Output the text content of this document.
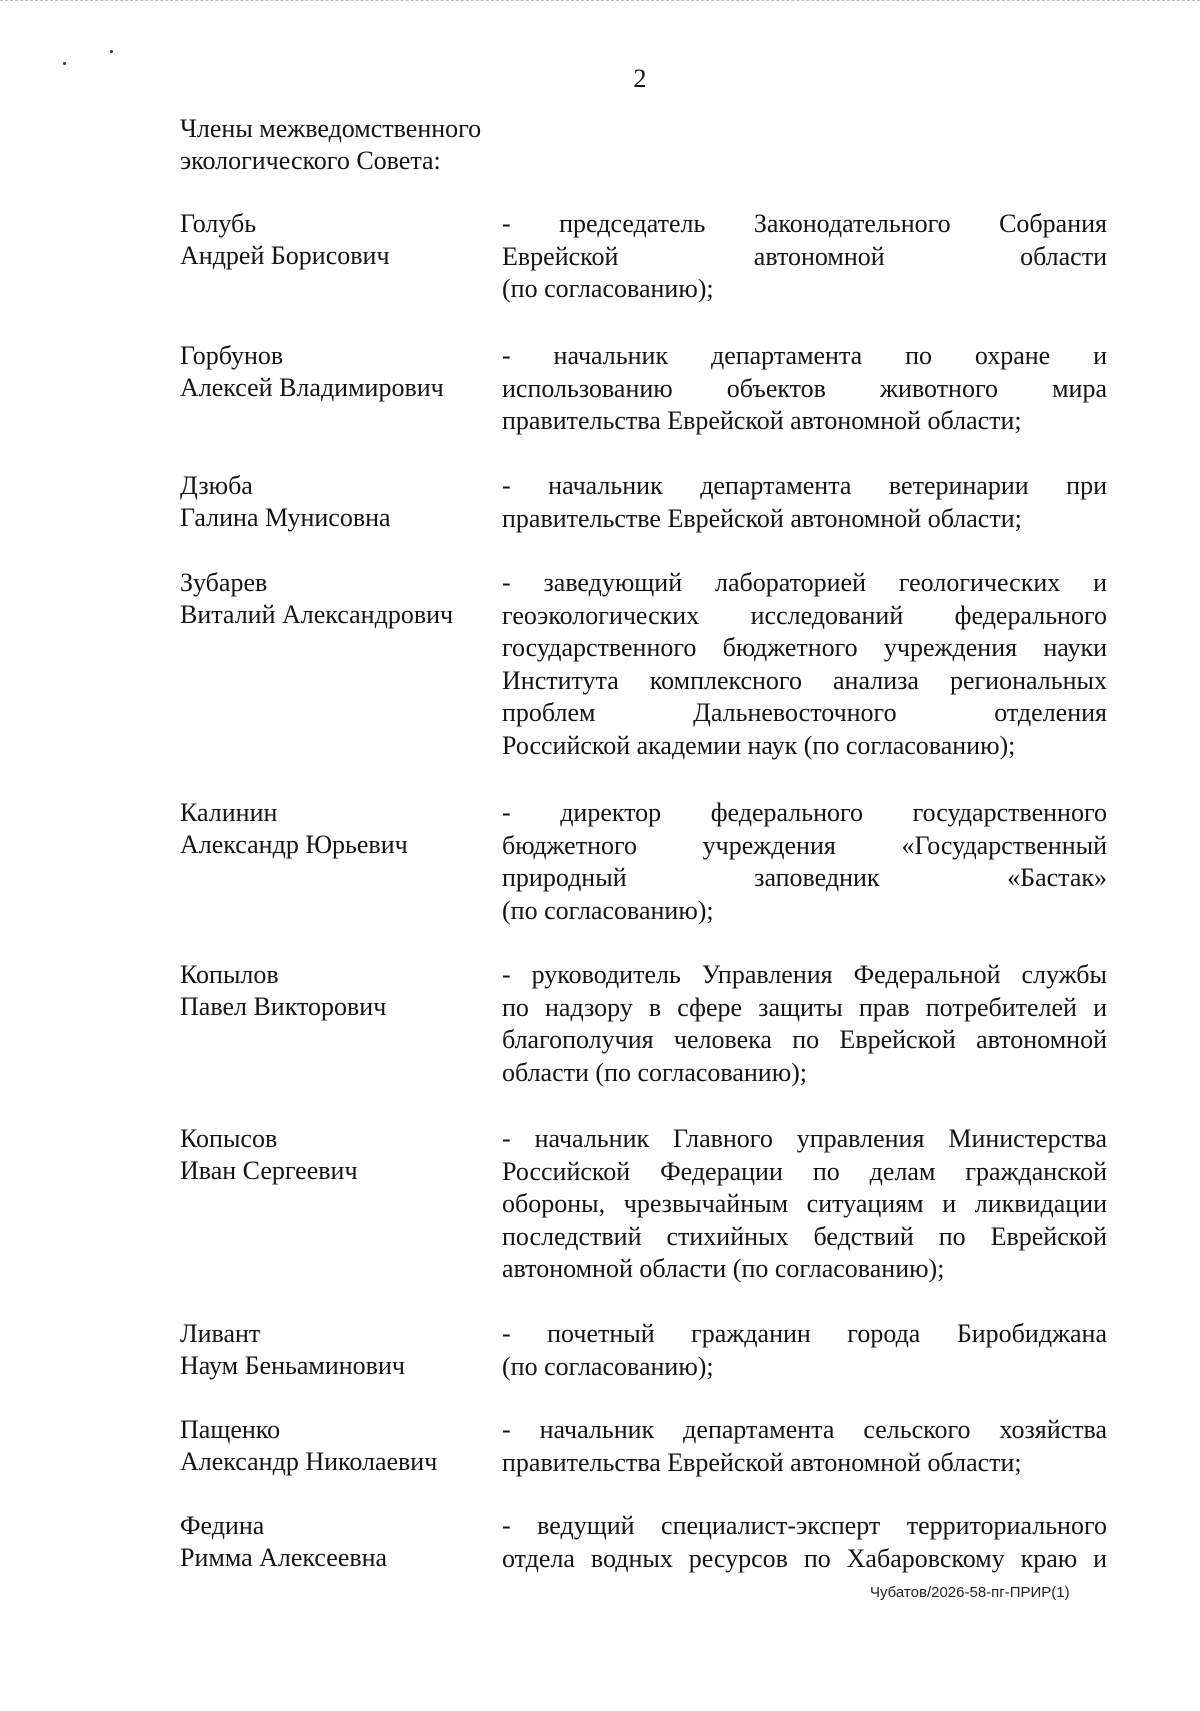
2
Члены межведомственного
экологического Совета:
Голубь
Андрей Борисович
- председатель Законодательного Собрания
Еврейской автономной области
(по согласованию);
Горбунов
Алексей Владимирович
- начальник департамента по охране и
использованию объектов животного мира
правительства Еврейской автономной области;
Дзюба
Галина Мунисовна
- начальник департамента ветеринарии при
правительстве Еврейской автономной области;
Зубарев
Виталий Александрович
- заведующий лабораторией геологических и
геоэкологических исследований федерального
государственного бюджетного учреждения науки
Института комплексного анализа региональных
проблем Дальневосточного отделения
Российской академии наук (по согласованию);
Калинин
Александр Юрьевич
- директор федерального государственного
бюджетного учреждения «Государственный
природный заповедник «Бастак»
(по согласованию);
Копылов
Павел Викторович
- руководитель Управления Федеральной службы
по надзору в сфере защиты прав потребителей и
благополучия человека по Еврейской автономной
области (по согласованию);
Копысов
Иван Сергеевич
- начальник Главного управления Министерства
Российской Федерации по делам гражданской
обороны, чрезвычайным ситуациям и ликвидации
последствий стихийных бедствий по Еврейской
автономной области (по согласованию);
Ливант
Наум Беньаминович
- почетный гражданин города Биробиджана
(по согласованию);
Пащенко
Александр Николаевич
- начальник департамента сельского хозяйства
правительства Еврейской автономной области;
Федина
Римма Алексеевна
- ведущий специалист-эксперт территориального
отдела водных ресурсов по Хабаровскому краю и
Чубатов/2026-58-пг-ПРИР(1)
